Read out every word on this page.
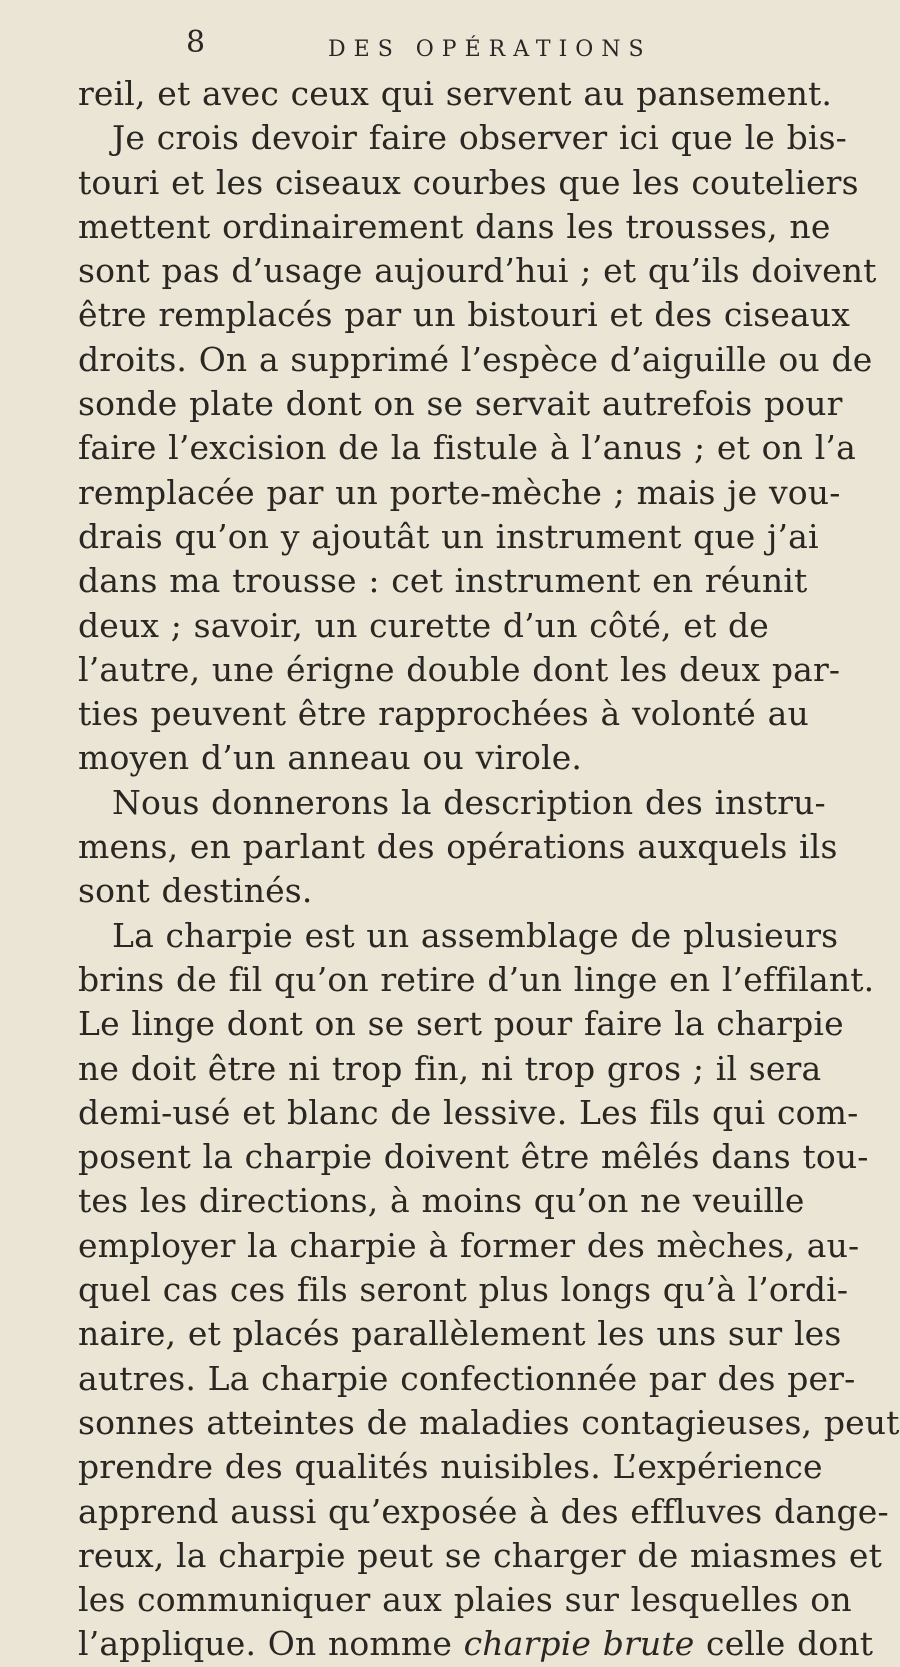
8	DES OPÉRATIONS
reil, et avec ceux qui servent au pansement.
Je crois devoir faire observer ici que le bis-
touri et les ciseaux courbes que les couteliers
mettent ordinairement dans les trousses, ne
sont pas d’usage aujourd’hui ; et qu’ils doivent
être remplacés par un bistouri et des ciseaux
droits. On a supprimé l’espèce d’aiguille ou de
sonde plate dont on se servait autrefois pour
faire l’excision de la fistule à l’anus ; et on l’a
remplacée par un porte-mèche ; mais je vou-
drais qu’on y ajoutât un instrument que j’ai
dans ma trousse : cet instrument en réunit
deux ; savoir, un curette d’un côté, et de
l’autre, une érigne double dont les deux par-
ties peuvent être rapprochées à volonté au
moyen d’un anneau ou virole.
Nous donnerons la description des instru-
mens, en parlant des opérations auxquels ils
sont destinés.
La charpie est un assemblage de plusieurs
brins de fil qu’on retire d’un linge en l’effilant.
Le linge dont on se sert pour faire la charpie
ne doit être ni trop fin, ni trop gros ; il sera
demi-usé et blanc de lessive. Les fils qui com-
posent la charpie doivent être mêlés dans tou-
tes les directions, à moins qu’on ne veuille
employer la charpie à former des mèches, au-
quel cas ces fils seront plus longs qu’à l’ordi-
naire, et placés parallèlement les uns sur les
autres. La charpie confectionnée par des per-
sonnes atteintes de maladies contagieuses, peut
prendre des qualités nuisibles. L’expérience
apprend aussi qu’exposée à des effluves dange-
reux, la charpie peut se charger de miasmes et
les communiquer aux plaies sur lesquelles on
l’applique. On nomme charpie brute celle dont
